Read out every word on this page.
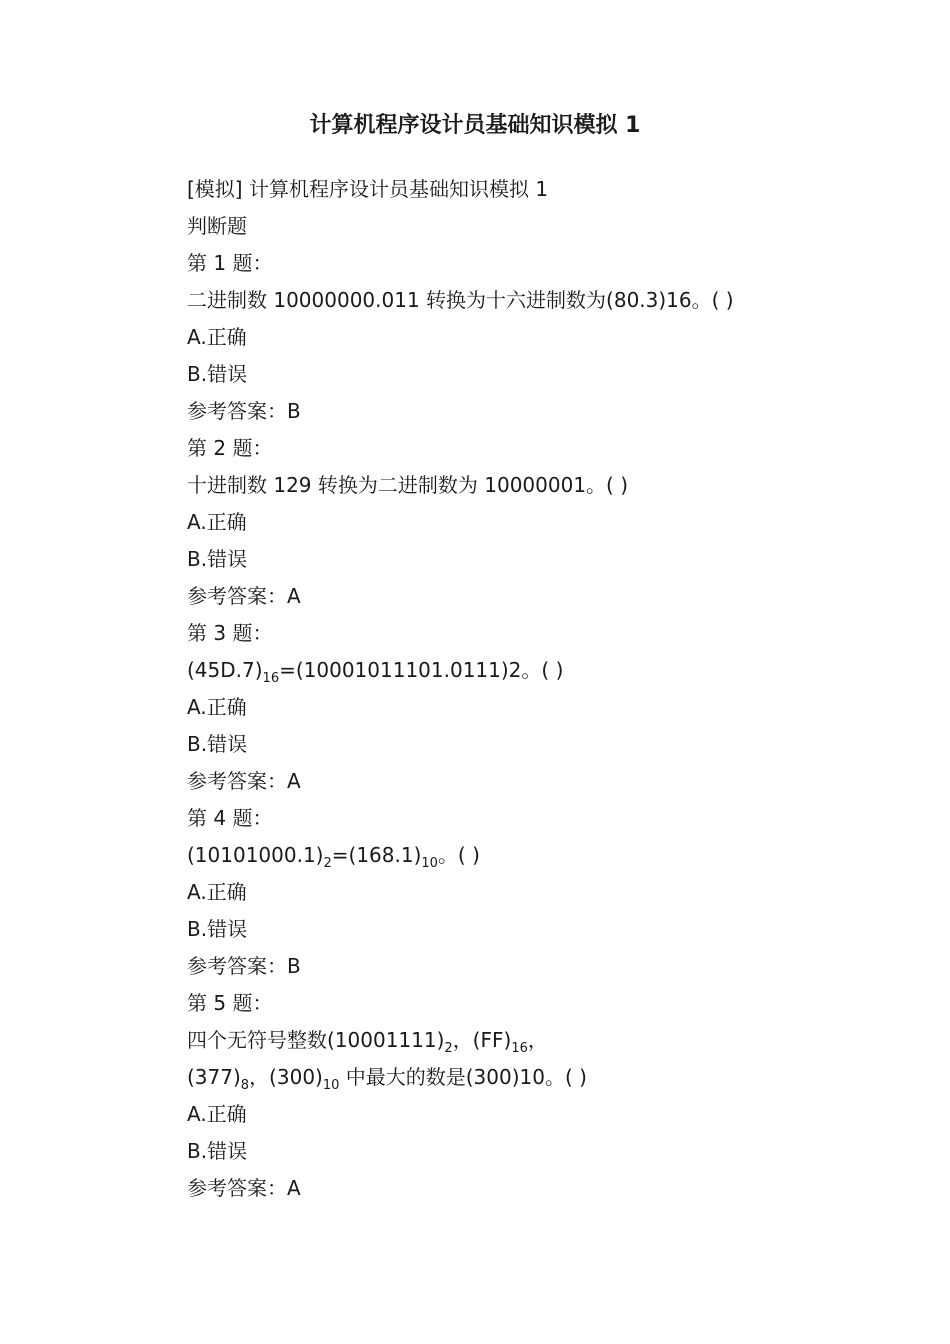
计算机程序设计员基础知识模拟 1
[模拟] 计算机程序设计员基础知识模拟 1
判断题
第 1 题：
二进制数 10000000.011 转换为十六进制数为(80.3)16。( )
A.正确
B.错误
参考答案：B
第 2 题：
十进制数 129 转换为二进制数为 10000001。( )
A.正确
B.错误
参考答案：A
第 3 题：
$(45D.7)_{16}=(10001011101.0111)2$。( )
A.正确
B.错误
参考答案：A
第 4 题：
$(10101000.1)_2=(168.1)_{10}$。( )
A.正确
B.错误
参考答案：B
第 5 题：
四个无符号整数$(10001111)_2$，$(FF)_{16}$，
$(377)_8$，$(300)_{10}$ 中最大的数是(300)10。( )
A.正确
B.错误
参考答案：A
